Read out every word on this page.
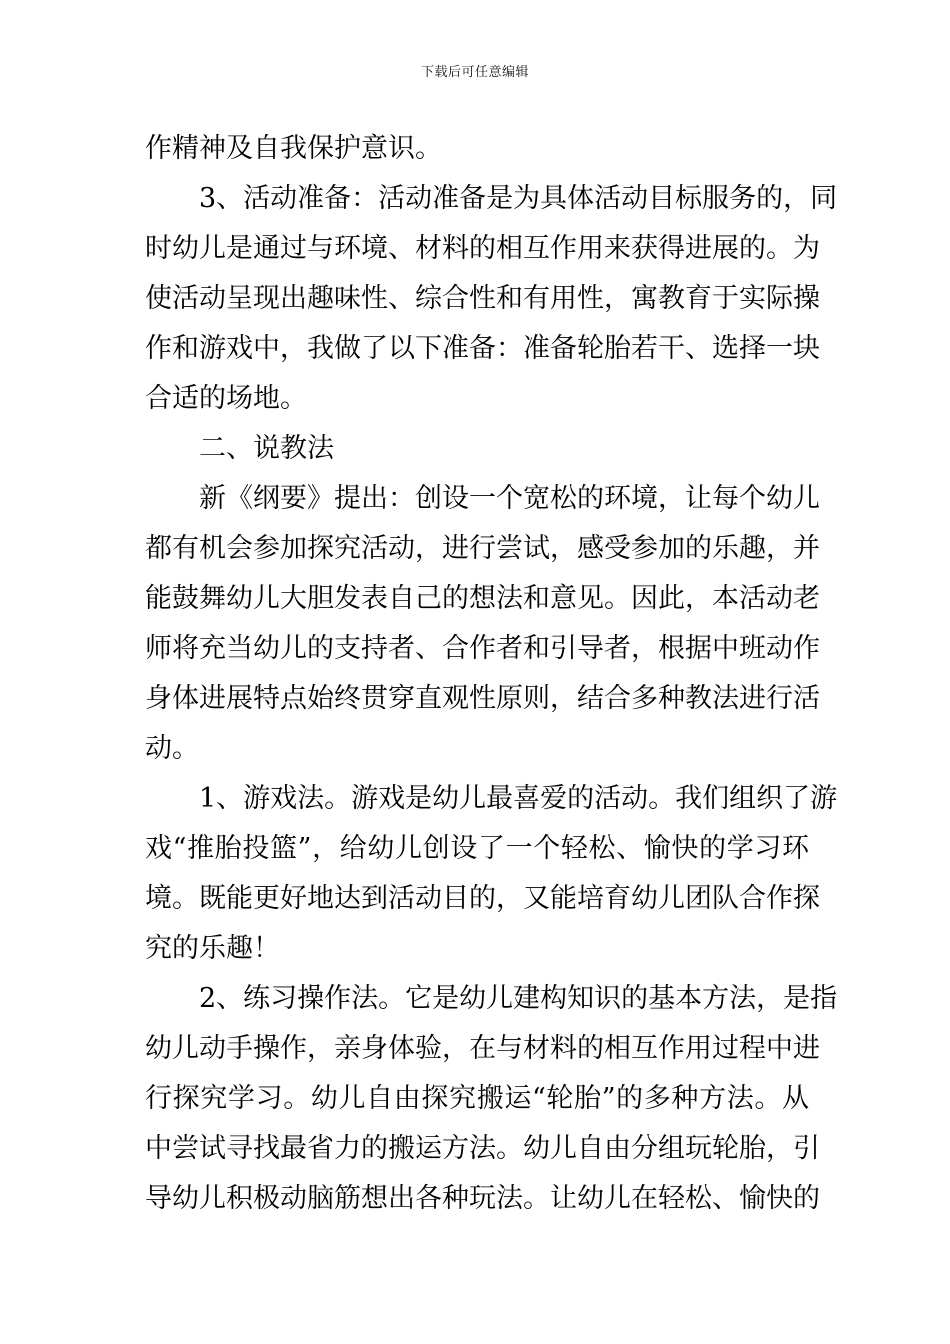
下载后可任意编辑
作精神及自我保护意识。
3、活动准备：活动准备是为具体活动目标服务的，同
时幼儿是通过与环境、材料的相互作用来获得进展的。为
使活动呈现出趣味性、综合性和有用性，寓教育于实际操
作和游戏中，我做了以下准备：准备轮胎若干、选择一块
合适的场地。
二、说教法
新《纲要》提出：创设一个宽松的环境，让每个幼儿
都有机会参加探究活动，进行尝试，感受参加的乐趣，并
能鼓舞幼儿大胆发表自己的想法和意见。因此，本活动老
师将充当幼儿的支持者、合作者和引导者，根据中班动作
身体进展特点始终贯穿直观性原则，结合多种教法进行活
动。
1、游戏法。游戏是幼儿最喜爱的活动。我们组织了游
戏“推胎投篮”，给幼儿创设了一个轻松、愉快的学习环
境。既能更好地达到活动目的，又能培育幼儿团队合作探
究的乐趣！
2、练习操作法。它是幼儿建构知识的基本方法，是指
幼儿动手操作，亲身体验，在与材料的相互作用过程中进
行探究学习。幼儿自由探究搬运“轮胎”的多种方法。从
中尝试寻找最省力的搬运方法。幼儿自由分组玩轮胎，引
导幼儿积极动脑筋想出各种玩法。让幼儿在轻松、愉快的
